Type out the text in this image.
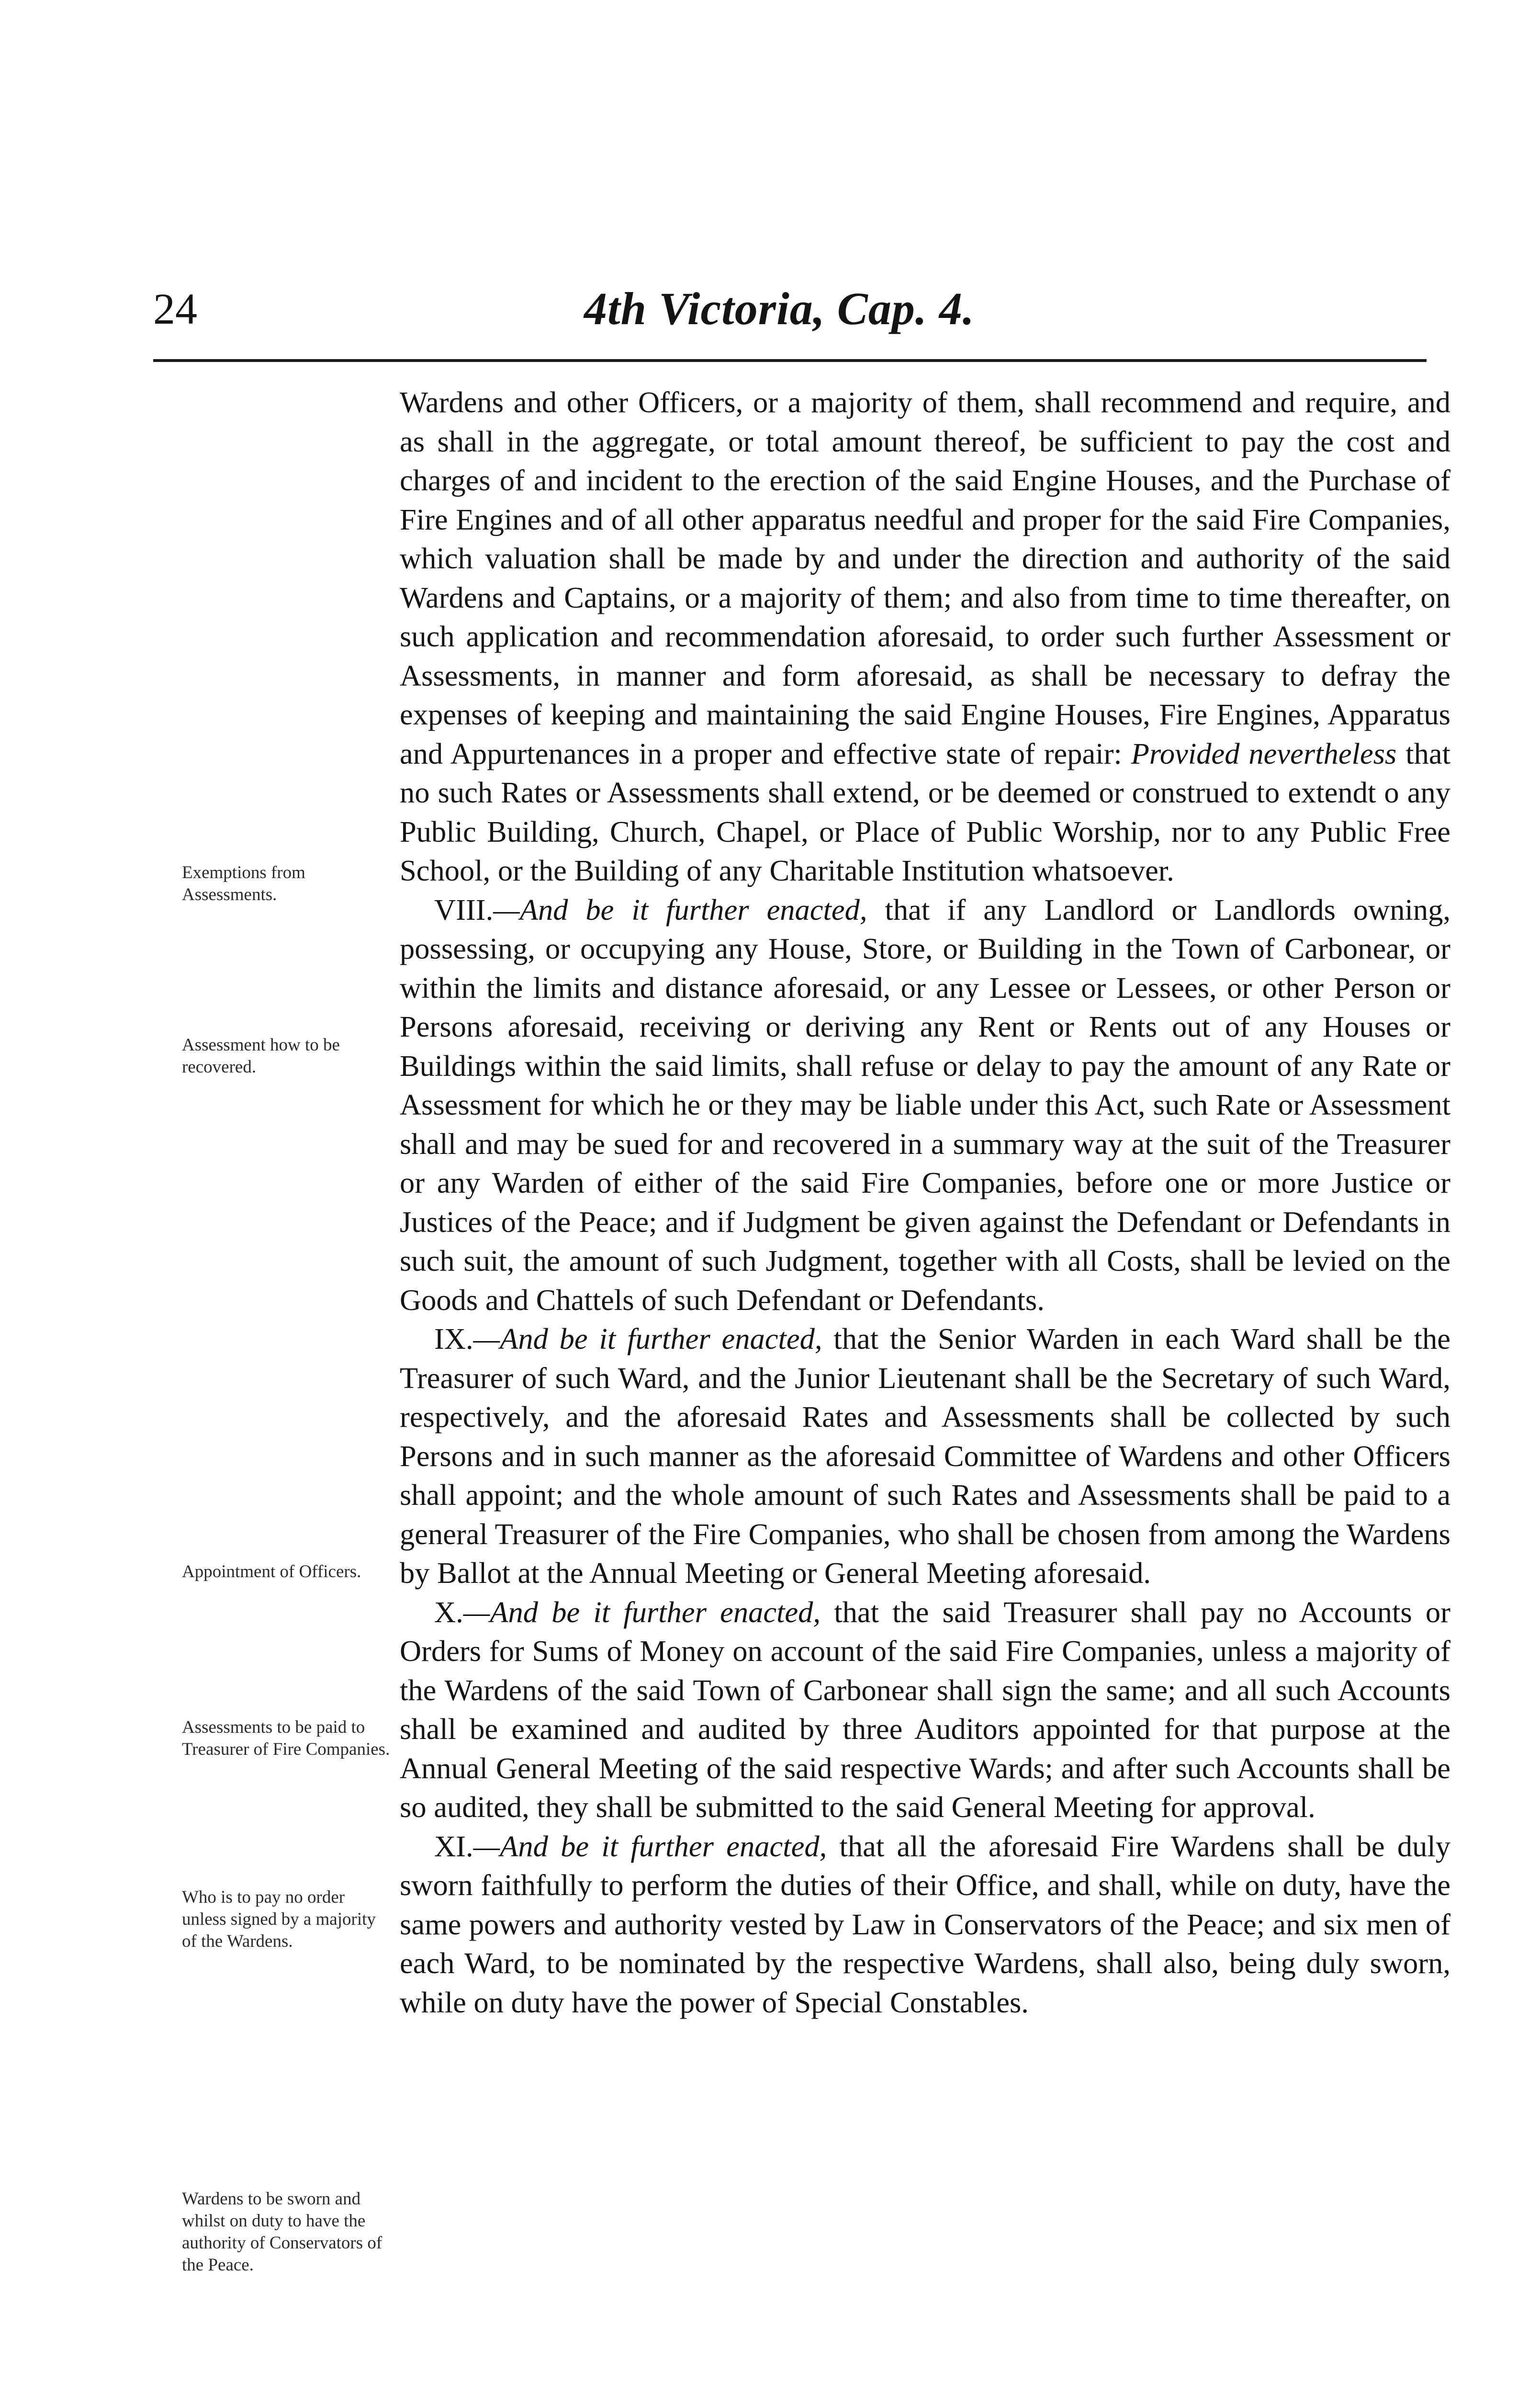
24	4th Victoria, Cap. 4.
Exemptions from Assessments.
Assessment how to be recovered.
Appointment of Officers.
Assessments to be paid to Treasurer of Fire Companies.
Who is to pay no order unless signed by a majority of the Wardens.
Wardens to be sworn and whilst on duty to have the authority of Conservators of the Peace.

Wardens and other Officers, or a majority of them, shall recommend and require, and as shall in the aggregate, or total amount thereof, be sufficient to pay the cost and charges of and incident to the erection of the said Engine Houses, and the Purchase of Fire Engines and of all other apparatus needful and proper for the said Fire Companies, which valuation shall be made by and under the direction and authority of the said Wardens and Captains, or a majority of them; and also from time to time thereafter, on such application and recommendation aforesaid, to order such further Assessment or Assessments, in manner and form aforesaid, as shall be necessary to defray the expenses of keeping and maintaining the said Engine Houses, Fire Engines, Apparatus and Appurtenances in a proper and effective state of repair: Provided nevertheless that no such Rates or Assessments shall extend, or be deemed or construed to extendt o any Public Building, Church, Chapel, or Place of Public Worship, nor to any Public Free School, or the Building of any Charitable Institution whatsoever.

VIII.—And be it further enacted, that if any Landlord or Landlords owning, possessing, or occupying any House, Store, or Building in the Town of Carbonear, or within the limits and distance aforesaid, or any Lessee or Lessees, or other Person or Persons aforesaid, receiving or deriving any Rent or Rents out of any Houses or Buildings within the said limits, shall refuse or delay to pay the amount of any Rate or Assessment for which he or they may be liable under this Act, such Rate or Assessment shall and may be sued for and recovered in a summary way at the suit of the Treasurer or any Warden of either of the said Fire Companies, before one or more Justice or Justices of the Peace; and if Judgment be given against the Defendant or Defendants in such suit, the amount of such Judgment, together with all Costs, shall be levied on the Goods and Chattels of such Defendant or Defendants.

IX.—And be it further enacted, that the Senior Warden in each Ward shall be the Treasurer of such Ward, and the Junior Lieutenant shall be the Secretary of such Ward, respectively, and the aforesaid Rates and Assessments shall be collected by such Persons and in such manner as the aforesaid Committee of Wardens and other Officers shall appoint; and the whole amount of such Rates and Assessments shall be paid to a general Treasurer of the Fire Companies, who shall be chosen from among the Wardens by Ballot at the Annual Meeting or General Meeting aforesaid.

X.—And be it further enacted, that the said Treasurer shall pay no Accounts or Orders for Sums of Money on account of the said Fire Companies, unless a majority of the Wardens of the said Town of Carbonear shall sign the same; and all such Accounts shall be examined and audited by three Auditors appointed for that purpose at the Annual General Meeting of the said respective Wards; and after such Accounts shall be so audited, they shall be submitted to the said General Meeting for approval.

XI.—And be it further enacted, that all the aforesaid Fire Wardens shall be duly sworn faithfully to perform the duties of their Office, and shall, while on duty, have the same powers and authority vested by Law in Conservators of the Peace; and six men of each Ward, to be nominated by the respective Wardens, shall also, being duly sworn, while on duty have the power of Special Constables.
